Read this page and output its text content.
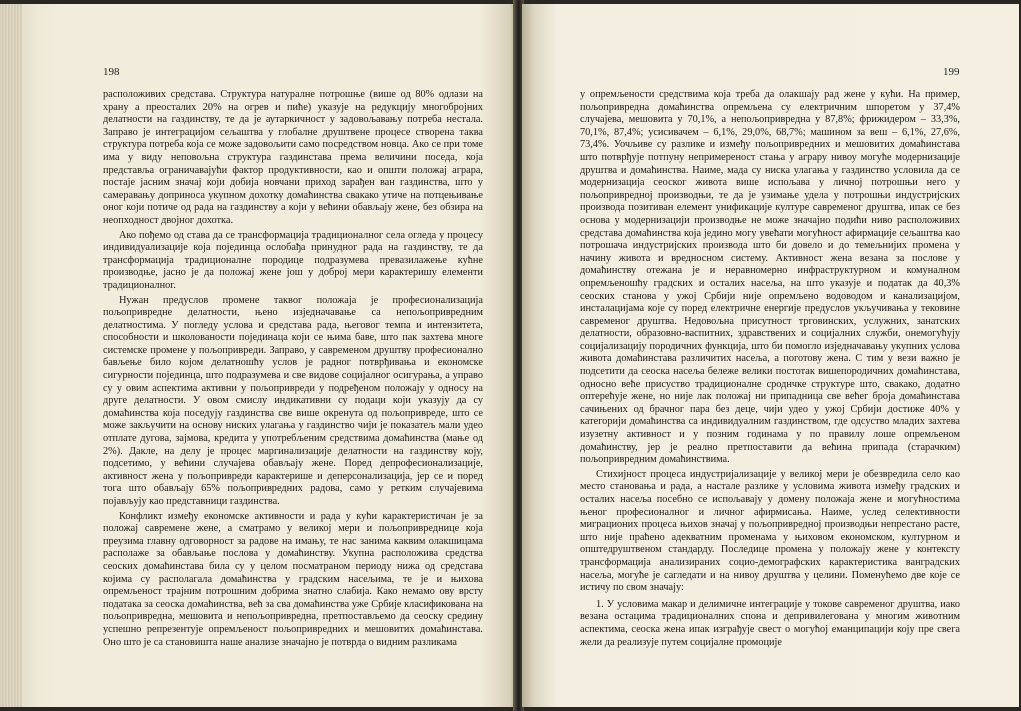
198

расположивих средстава. Структура натуралне потрошње (више од 80% одлази на храну а преосталих 20% на огрев и пиће) указује на редукцију многобројних делатности на газдинству, те да је аутаркичност у задовољавању потреба нестала. Заправо је интеграцијом сељаштва у глобалне друштвене процесе створена таква структура потреба која се може задовољити само посредством новца. Ако се при томе има у виду неповољна структура газдинстава према величини поседа, која представља ограничавајући фактор продуктивности, као и општи положај аграра, постаје јасним значај који добија новчани приход зарађен ван газдинства, што у самеравању доприноса укупном дохотку домаћинства свакако утиче на потцењивање оног који потиче од рада на газдинству а који у већини обављају жене, без обзира на неопходност двојног дохотка.

Ако пођемо од става да се трансформација традиционалног села огледа у процесу индивидуализације која појединца ослобађа принудног рада на газдинству, те да трансформација традиционалне породице подразумева превазилажење кућне производње, јасно је да положај жене још у доброј мери карактеришу елементи традиционалног.

Нужан предуслов промене таквог положаја је професионализација пољопривредне делатности, њено изједначавање са непољопривредним делатностима. У погледу услова и средстава рада, његовог темпа и интензитета, способности и школованости појединаца који се њима баве, што пак захтева многе системске промене у пољопривреди. Заправо, у савременом друштву професионално бављење било којом делатношћу услов је радног потврђивања и економске сигурности појединца, што подразумева и све видове социјалног осигурања, а управо су у овим аспектима активни у пољопривреди у подређеном положају у односу на друге делатности. У овом смислу индикативни су подаци који указују да су домаћинства која поседују газдинства све више окренута од пољопривреде, што се може закључити на основу ниских улагања у газдинство чији је показатељ мали удео отплате дугова, зајмова, кредита у употребљеним средствима домаћинства (мање од 2%). Дакле, на делу је процес маргинализације делатности на газдинству коју, подсетимо, у већини случајева обављају жене. Поред депрофесионализације, активност жена у пољопривреди карактерише и деперсонализација, јер се и поред тога што обављају 65% пољопривредних радова, само у ретким случајевима појављују као представници газдинства.

Конфликт између економске активности и рада у кући карактеристичан је за положај савремене жене, а сматрамо у великој мери и пољопривреднице која преузима главну одговорност за радове на имању, те нас занима каквим олакшицама располаже за обављање послова у домаћинству. Укупна расположива средства сеоских домаћинстава била су у целом посматраном периоду нижа од средстава којима су располагала домаћинства у градским насељима, те је и њихова опремљеност трајним потрошним добрима знатно слабија. Како немамо ову врсту података за сеоска домаћинства, већ за сва домаћинства уже Србије класификована на пољопривредна, мешовита и непољопривредна, претпостављемо да сеоску средину успешно репрезентује опремљеност пољопривредних и мешовитих домаћинстава. Оно што је са становишта наше анализе значајно је потврда о видним разликама

199

у опремљености средствима која треба да олакшају рад жене у кући. На пример, пољопривредна домаћинства опремљена су електричним шпоретом у 37,4% случајева, мешовита у 70,1%, а непољопривредна у 87,8%; фрижидером – 33,3%, 70,1%, 87,4%; усисивачем – 6,1%, 29,0%, 68,7%; машином за веш – 6,1%, 27,6%, 73,4%. Уочљиве су разлике и између пољопривредних и мешовитих домаћинстава што потврђује потпуну непримереност стања у аграру нивоу могуће модернизације друштва и домаћинства. Наиме, мада су ниска улагања у газдинство условила да се модернизација сеоског живота више испољава у личној потрошњи него у пољопривредној производњи, те да је узимање удела у потрошњи индустријских производа позитиван елемент унификације културе савременог друштва, ипак се без основа у модернизацији производње не може значајно подићи ниво расположивих средстава домаћинства која једино могу увећати могућност афирмације сељаштва као потрошача индустријских производа што би довело и до темељнијих промена у начину живота и вредносном систему. Активност жена везана за послове у домаћинству отежана је и неравномерно инфраструктурном и комуналном опремљеношћу градских и осталих насеља, на што указује и податак да 40,3% сеоских станова у ужој Србији није опремљено водоводом и канализацијом, инсталацијама које су поред електричне енергије предуслов укључивања у тековине савременог друштва. Недовољна присутност трговинских, услужних, занатских делатности, образовно-васпитних, здравствених и социјалних служби, онемогућују социјализацију породичних функција, што би помогло изједначавању укупних услова живота домаћинстава различитих насеља, а поготову жена. С тим у вези важно је подсетити да сеоска насеља бележе велики постотак вишепородичних домаћинстава, односно веће присуство традиционалне сроднчке структуре што, свакако, додатно оптерећује жене, но није лак положај ни припадница све већег броја домаћинстава сачињених од брачног пара без деце, чији удео у ужој Србији достиже 40% у категорији домаћинства са индивидуалним газдинством, где одсуство младих захтева изузетну активност и у позним годинама у по правилу лоше опремљеном домаћинству, јер је реално претпоставити да већина припада (старачким) пољопривредним домаћинствима.

Стихијност процеса индустријализације у великој мери је обезвредила село као место становања и рада, а настале разлике у условима живота између градских и осталих насеља посебно се испољавају у домену положаја жене и могућностима њеног професионалног и личног афирмисања. Наиме, услед селективности миграционих процеса њихов значај у пољопривредној производњи непрестано расте, што није праћено адекватним променама у њиховом економском, културном и општедруштвеном стандарду. Последице промена у положају жене у контексту трансформација анализираних социо-демографских карактеристика ванградских насеља, могуће је сагледати и на нивоу друштва у целини. Поменућемо две које се истичу по свом значају:

1. У условима макар и делимичне интеграције у токове савременог друштва, иако везана остацима традиционалних спона и депривилегована у многим животним аспектима, сеоска жена ипак изграђује свест о могућој еманципацији коју пре свега жели да реализује путем социјалне промоције
